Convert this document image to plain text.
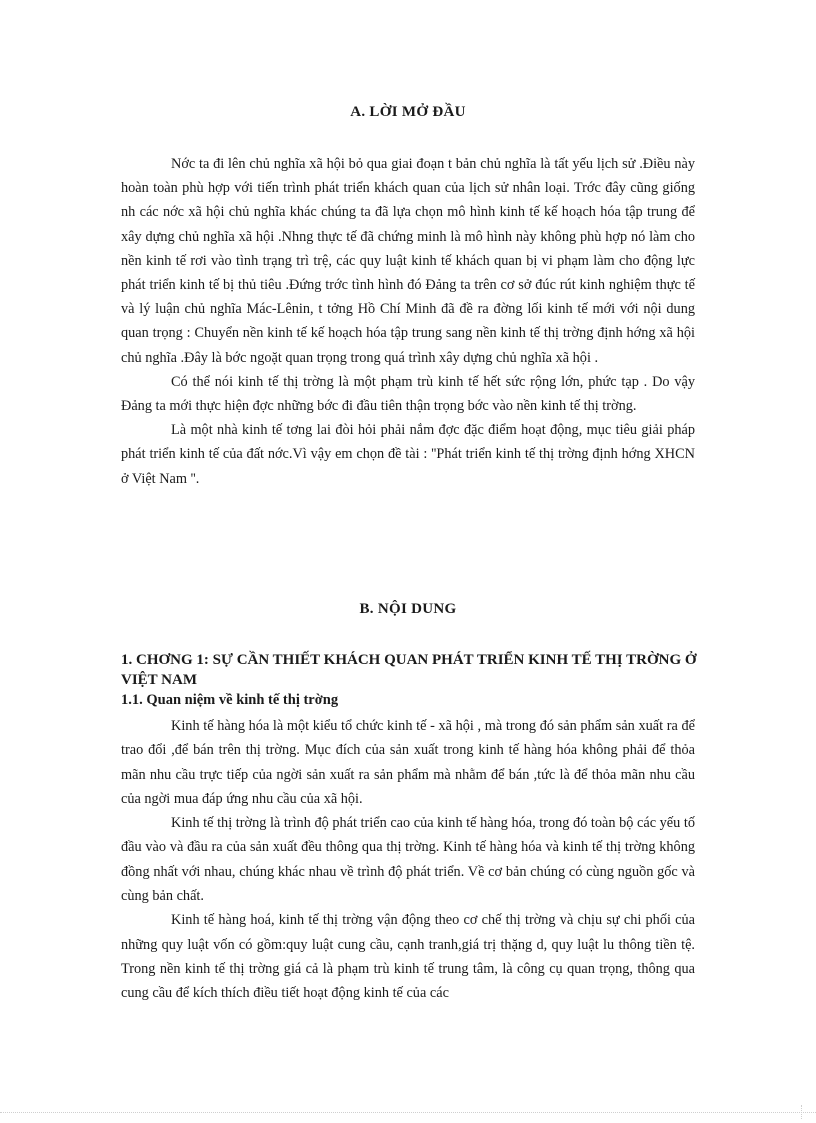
A. LỜI MỞ ĐẦU

Nớc ta đi lên chủ nghĩa xã hội bỏ qua giai đoạn t bản chủ nghĩa là tất yếu lịch sử .Điều này hoàn toàn phù hợp với tiến trình phát triển khách quan của lịch sử nhân loại. Trớc đây cũng giống nh các nớc xã hội chủ nghĩa khác chúng ta đã lựa chọn mô hình kinh tế kế hoạch hóa tập trung để xây dựng chủ nghĩa xã hội .Nhng thực tế đã chứng minh là mô hình này không phù hợp nó làm cho nền kinh tế rơi vào tình trạng trì trệ, các quy luật kinh tế khách quan bị vi phạm làm cho động lực phát triển kinh tế bị thủ tiêu .Đứng trớc tình hình đó Đảng ta trên cơ sở đúc rút kinh nghiệm thực tế và lý luận chủ nghĩa Mác-Lênin, t tởng Hồ Chí Minh đã đề ra đờng lối kinh tế mới với nội dung quan trọng : Chuyển nền kinh tế kế hoạch hóa tập trung sang nền kinh tế thị trờng định hớng xã hội chủ nghĩa .Đây là bớc ngoặt quan trọng trong quá trình xây dựng chủ nghĩa xã hội .

Có thể nói kinh tế thị trờng là một phạm trù kinh tế hết sức rộng lớn, phức tạp . Do vậy Đảng ta mới thực hiện đợc những bớc đi đầu tiên thận trọng bớc vào nền kinh tế thị trờng.

Là một nhà kinh tế tơng lai đòi hỏi phải nắm đợc đặc điểm hoạt động, mục tiêu giải pháp phát triển kinh tế của đất nớc.Vì vậy em chọn đề tài : ''Phát triển kinh tế thị trờng định hớng XHCN ở Việt Nam ''.

B. NỘI DUNG
1. CHƠNG 1: SỰ CẦN THIẾT KHÁCH QUAN PHÁT TRIỂN KINH TẾ THỊ TRỜNG Ở VIỆT NAM
1.1. Quan niệm về kinh tế thị trờng

Kinh tế hàng hóa là một kiểu tổ chức kinh tế - xã hội , mà trong đó sản phẩm sản xuất ra để trao đổi ,để bán trên thị trờng. Mục đích của sản xuất trong kinh tế hàng hóa không phải để thỏa mãn nhu cầu trực tiếp của ngời sản xuất ra sản phẩm mà nhằm để bán ,tức là để thỏa mãn nhu cầu của ngời mua đáp ứng nhu cầu của xã hội.

Kinh tế thị trờng là trình độ phát triển cao của kinh tế hàng hóa, trong đó toàn bộ các yếu tố đầu vào và đầu ra của sản xuất đều thông qua thị trờng. Kinh tế hàng hóa và kinh tế thị trờng không đồng nhất với nhau, chúng khác nhau về trình độ phát triển. Về cơ bản chúng có cùng nguồn gốc và cùng bản chất.

Kinh tế hàng hoá, kinh tế thị trờng vận động theo cơ chế thị trờng và chịu sự chi phối của những quy luật vốn có gồm:quy luật cung cầu, cạnh tranh,giá trị thặng d, quy luật lu thông tiền tệ. Trong nền kinh tế thị trờng giá cả là phạm trù kinh tế trung tâm, là công cụ quan trọng, thông qua cung cầu để kích thích điều tiết hoạt động kinh tế của các
